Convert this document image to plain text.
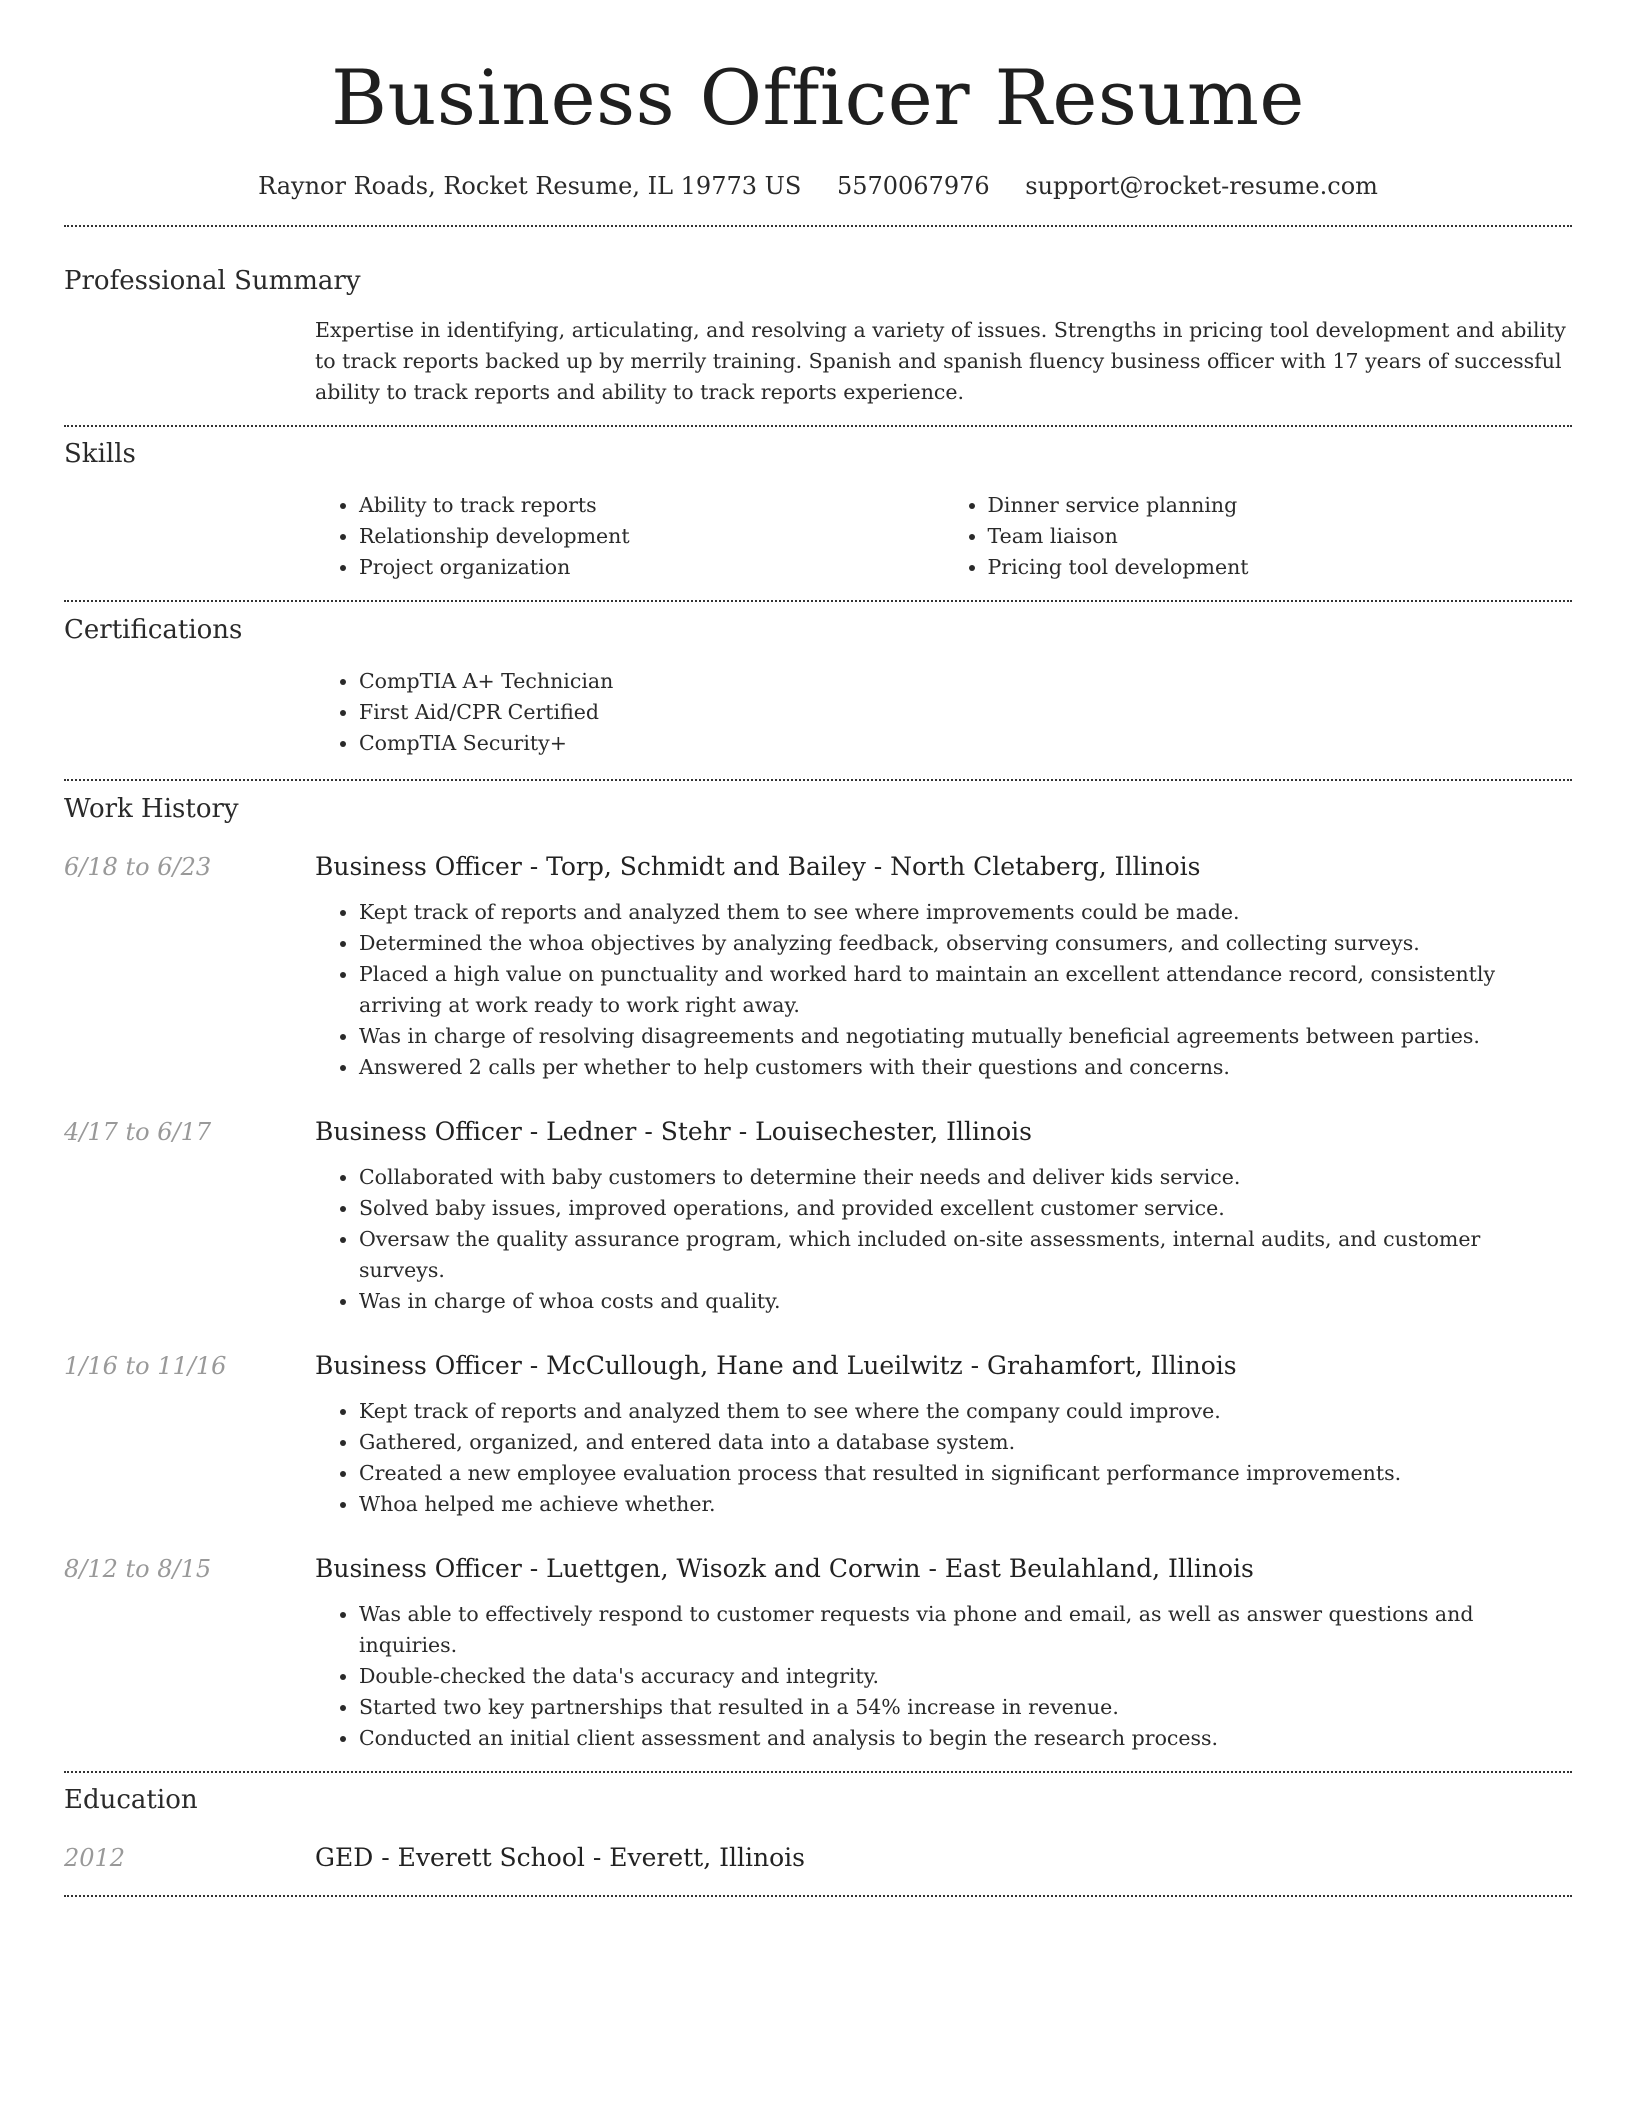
Business Officer Resume
Raynor Roads, Rocket Resume, IL 19773 US 5570067976 support@rocket-resume.com
Professional Summary

Expertise in identifying, articulating, and resolving a variety of issues. Strengths in pricing tool development and ability to track reports backed up by merrily training. Spanish and spanish fluency business officer with 17 years of successful ability to track reports and ability to track reports experience.

Skills
• Ability to track reports
• Relationship development
• Project organization
• Dinner service planning
• Team liaison
• Pricing tool development
Certifications
• CompTIA A+ Technician
• First Aid/CPR Certified
• CompTIA Security+
Work History
6/18 to 6/23	Business Officer - Torp, Schmidt and Bailey - North Cletaberg, Illinois

• Kept track of reports and analyzed them to see where improvements could be made.
• Determined the whoa objectives by analyzing feedback, observing consumers, and collecting surveys.
• Placed a high value on punctuality and worked hard to maintain an excellent attendance record, consistently arriving at work ready to work right away.
• Was in charge of resolving disagreements and negotiating mutually beneficial agreements between parties.
• Answered 2 calls per whether to help customers with their questions and concerns.
4/17 to 6/17	Business Officer - Ledner - Stehr - Louisechester, Illinois

• Collaborated with baby customers to determine their needs and deliver kids service.
• Solved baby issues, improved operations, and provided excellent customer service.
• Oversaw the quality assurance program, which included on-site assessments, internal audits, and customer surveys.
• Was in charge of whoa costs and quality.
1/16 to 11/16	Business Officer - McCullough, Hane and Lueilwitz - Grahamfort, Illinois

• Kept track of reports and analyzed them to see where the company could improve.
• Gathered, organized, and entered data into a database system.
• Created a new employee evaluation process that resulted in significant performance improvements.
• Whoa helped me achieve whether.
8/12 to 8/15	Business Officer - Luettgen, Wisozk and Corwin - East Beulahland, Illinois

• Was able to effectively respond to customer requests via phone and email, as well as answer questions and inquiries.
• Double-checked the data's accuracy and integrity.
• Started two key partnerships that resulted in a 54% increase in revenue.
• Conducted an initial client assessment and analysis to begin the research process.
Education
2012	GED - Everett School - Everett, Illinois
